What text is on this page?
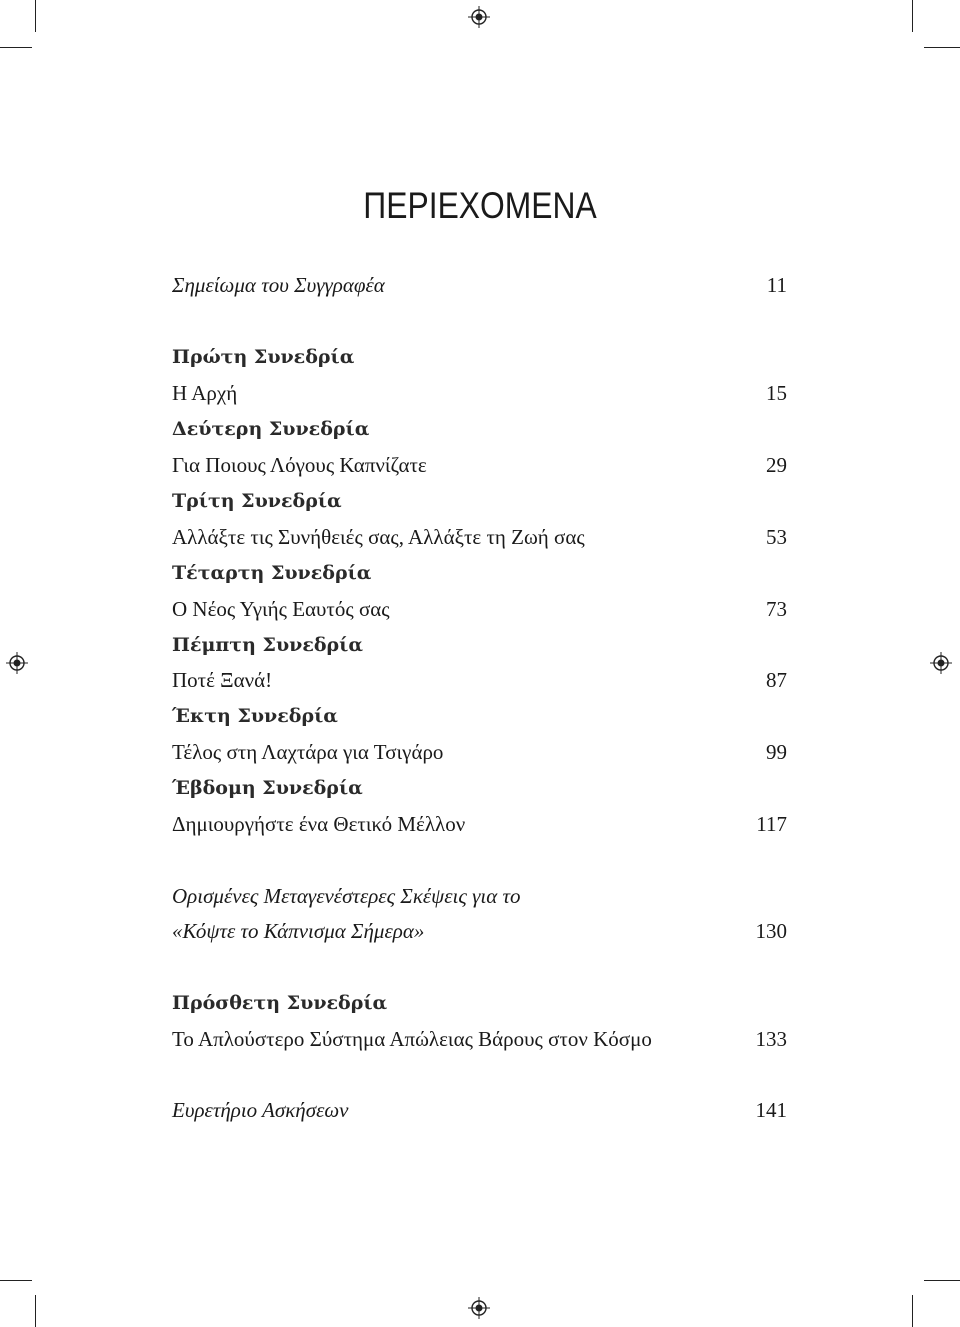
ΠΕΡΙΕΧΟΜΕΝΑ
Σημείωμα του Συγγραφέα	11
Πρώτη Συνεδρία
Η Αρχή	15
Δεύτερη Συνεδρία
Για Ποιους Λόγους Καπνίζατε	29
Τρίτη Συνεδρία
Αλλάξτε τις Συνήθειές σας, Αλλάξτε τη Ζωή σας	53
Τέταρτη Συνεδρία
Ο Νέος Υγιής Εαυτός σας	73
Πέμπτη Συνεδρία
Ποτέ Ξανά!	87
Έκτη Συνεδρία
Τέλος στη Λαχτάρα για Τσιγάρο	99
Έβδομη Συνεδρία
Δημιουργήστε ένα Θετικό Μέλλον	117
Ορισμένες Μεταγενέστερες Σκέψεις για το
«Κόψτε το Κάπνισμα Σήμερα»	130
Πρόσθετη Συνεδρία
Το Απλούστερο Σύστημα Απώλειας Βάρους στον Κόσμο	133
Ευρετήριο Ασκήσεων	141
